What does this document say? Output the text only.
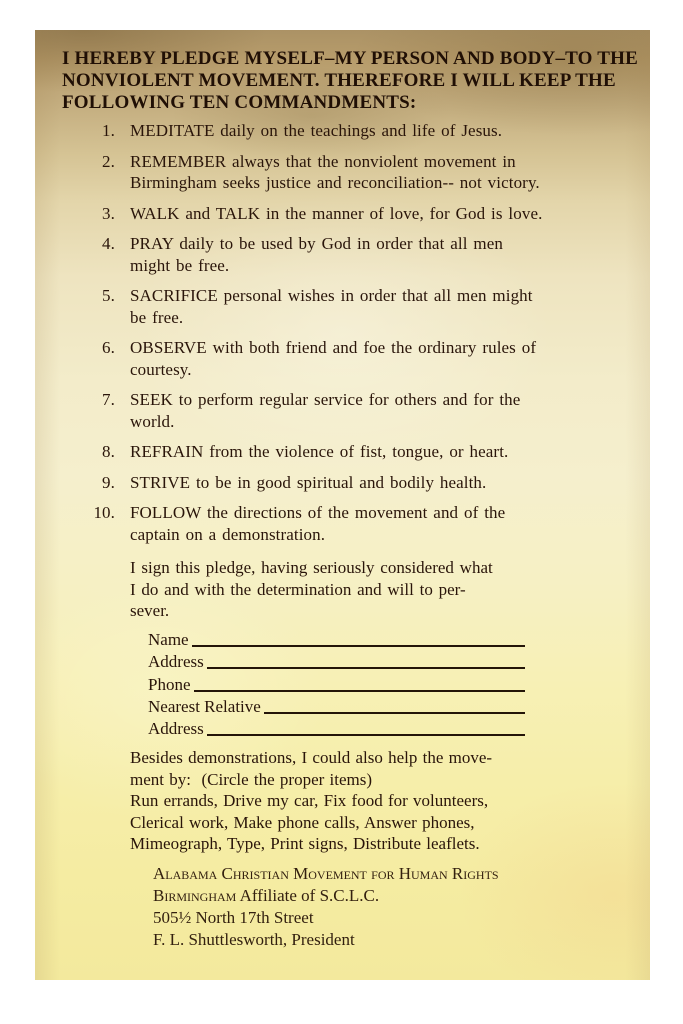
I HEREBY PLEDGE MYSELF–MY PERSON AND BODY–TO THE
NONVIOLENT MOVEMENT. THEREFORE I WILL KEEP THE
FOLLOWING TEN COMMANDMENTS:
1. MEDITATE daily on the teachings and life of Jesus.
2. REMEMBER always that the nonviolent movement in Birmingham seeks justice and reconciliation-- not victory.
3. WALK and TALK in the manner of love, for God is love.
4. PRAY daily to be used by God in order that all men might be free.
5. SACRIFICE personal wishes in order that all men might be free.
6. OBSERVE with both friend and foe the ordinary rules of courtesy.
7. SEEK to perform regular service for others and for the world.
8. REFRAIN from the violence of fist, tongue, or heart.
9. STRIVE to be in good spiritual and bodily health.
10. FOLLOW the directions of the movement and of the captain on a demonstration.
I sign this pledge, having seriously considered what
I do and with the determination and will to per-
sever.
Name
Address
Phone
Nearest Relative
Address
Besides demonstrations, I could also help the move-
ment by:  (Circle the proper items)
Run errands, Drive my car, Fix food for volunteers,
Clerical work, Make phone calls, Answer phones,
Mimeograph, Type, Print signs, Distribute leaflets.
Alabama Christian Movement for Human Rights
Birmingham Affiliate of S.C.L.C.
505½ North 17th Street
F. L. Shuttlesworth, President
